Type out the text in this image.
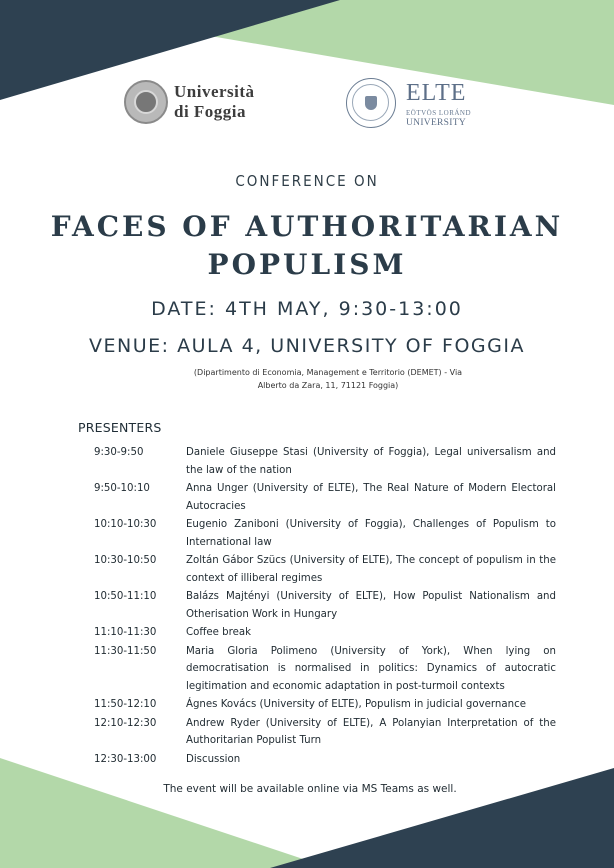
Università
di Foggia
ELTE
EÖTVÖS LORÁND
UNIVERSITY
CONFERENCE ON
FACES OF AUTHORITARIAN
POPULISM
DATE: 4TH MAY, 9:30-13:00
VENUE: AULA 4, UNIVERSITY OF FOGGIA
(Dipartimento di Economia, Management e Territorio (DEMET) - Via Alberto da Zara, 11, 71121 Foggia)
PRESENTERS
9:30-9:50	Daniele Giuseppe Stasi (University of Foggia), Legal universalism and the law of the nation
9:50-10:10	Anna Unger (University of ELTE), The Real Nature of Modern Electoral Autocracies
10:10-10:30	Eugenio Zaniboni (University of Foggia), Challenges of Populism to International law
10:30-10:50	Zoltán Gábor Szücs (University of ELTE), The concept of populism in the context of illiberal regimes
10:50-11:10	Balázs Majtényi (University of ELTE), How Populist Nationalism and Otherisation Work in Hungary
11:10-11:30	Coffee break
11:30-11:50	Maria Gloria Polimeno (University of York), When lying on democratisation is normalised in politics: Dynamics of autocratic legitimation and economic adaptation in post-turmoil contexts
11:50-12:10	Ágnes Kovács (University of ELTE), Populism in judicial governance
12:10-12:30	Andrew Ryder (University of ELTE), A Polanyian Interpretation of the Authoritarian Populist Turn
12:30-13:00	Discussion
The event will be available online via MS Teams as well.
